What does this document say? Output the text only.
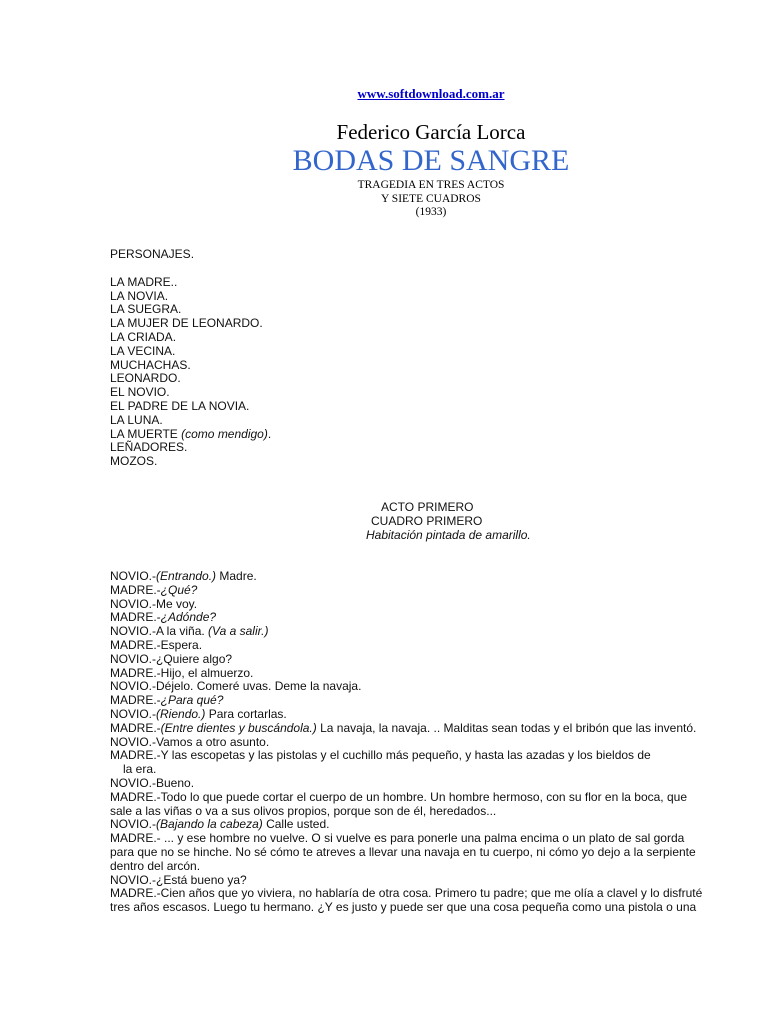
www.softdownload.com.ar
Federico García Lorca
BODAS DE SANGRE
TRAGEDIA EN TRES ACTOS
Y SIETE CUADROS
(1933)
PERSONAJES.
LA MADRE..
LA NOVIA.
LA SUEGRA.
LA MUJER DE LEONARDO.
LA CRIADA.
LA VECINA.
MUCHACHAS.
LEONARDO.
EL NOVIO.
EL PADRE DE LA NOVIA.
LA LUNA.
LA MUERTE (como mendigo).
LEÑADORES.
MOZOS.
ACTO PRIMERO
CUADRO PRIMERO
Habitación pintada de amarillo.
NOVIO.-(Entrando.) Madre.
MADRE.-¿Qué?
NOVIO.-Me voy.
MADRE.-¿Adónde?
NOVIO.-A la viña. (Va a salir.)
MADRE.-Espera.
NOVIO.-¿Quiere algo?
MADRE.-Hijo, el almuerzo.
NOVIO.-Déjelo. Comeré uvas. Deme la navaja.
MADRE.-¿Para qué?
NOVIO.-(Riendo.) Para cortarlas.
MADRE.-(Entre dientes y buscándola.) La navaja, la navaja. .. Malditas sean todas y el bribón que las inventó.
NOVIO.-Vamos a otro asunto.
MADRE.-Y las escopetas y las pistolas y el cuchillo más pequeño, y hasta las azadas y los bieldos de
la era.
NOVIO.-Bueno.
MADRE.-Todo lo que puede cortar el cuerpo de un hombre. Un hombre hermoso, con su flor en la boca, que
sale a las viñas o va a sus olivos propios, porque son de él, heredados...
NOVIO.-(Bajando la cabeza) Calle usted.
MADRE.- ... y ese hombre no vuelve. O si vuelve es para ponerle una palma encima o un plato de sal gorda
para que no se hinche. No sé cómo te atreves a llevar una navaja en tu cuerpo, ni cómo yo dejo a la serpiente
dentro del arcón.
NOVIO.-¿Está bueno ya?
MADRE.-Cien años que yo viviera, no hablaría de otra cosa. Primero tu padre; que me olía a clavel y lo disfruté
tres años escasos. Luego tu hermano. ¿Y es justo y puede ser que una cosa pequeña como una pistola o una
